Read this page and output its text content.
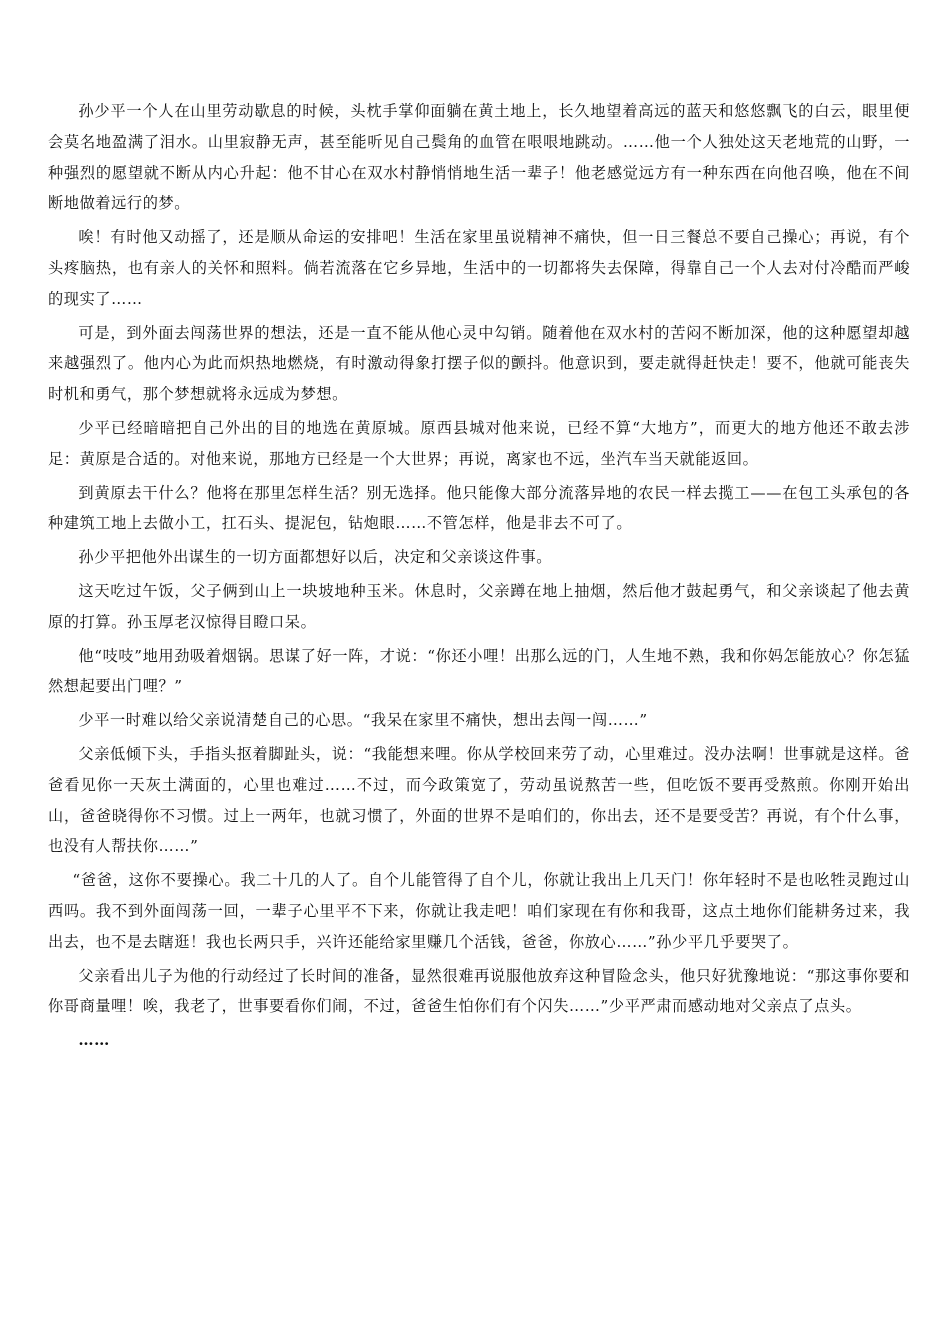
孙少平一个人在山里劳动歇息的时候，头枕手掌仰面躺在黄土地上，长久地望着高远的蓝天和悠悠飘飞的白云，眼里便会莫名地盈满了泪水。山里寂静无声，甚至能听见自己鬓角的血管在哏哏地跳动。……他一个人独处这天老地荒的山野，一种强烈的愿望就不断从内心升起：他不甘心在双水村静悄悄地生活一辈子！他老感觉远方有一种东西在向他召唤，他在不间断地做着远行的梦。

唉！有时他又动摇了，还是顺从命运的安排吧！生活在家里虽说精神不痛快，但一日三餐总不要自己操心；再说，有个头疼脑热，也有亲人的关怀和照料。倘若流落在它乡异地，生活中的一切都将失去保障，得靠自己一个人去对付冷酷而严峻的现实了……

可是，到外面去闯荡世界的想法，还是一直不能从他心灵中勾销。随着他在双水村的苦闷不断加深，他的这种愿望却越来越强烈了。他内心为此而炽热地燃烧，有时激动得象打摆子似的颤抖。他意识到，要走就得赶快走！要不，他就可能丧失时机和勇气，那个梦想就将永远成为梦想。

少平已经暗暗把自己外出的目的地选在黄原城。原西县城对他来说，已经不算“大地方”，而更大的地方他还不敢去涉足：黄原是合适的。对他来说，那地方已经是一个大世界；再说，离家也不远，坐汽车当天就能返回。

到黄原去干什么？他将在那里怎样生活？别无选择。他只能像大部分流落异地的农民一样去揽工——在包工头承包的各种建筑工地上去做小工，扛石头、提泥包，钻炮眼……不管怎样，他是非去不可了。

孙少平把他外出谋生的一切方面都想好以后，决定和父亲谈这件事。

这天吃过午饭，父子俩到山上一块坡地种玉米。休息时，父亲蹲在地上抽烟，然后他才鼓起勇气，和父亲谈起了他去黄原的打算。孙玉厚老汉惊得目瞪口呆。

他“吱吱”地用劲吸着烟锅。思谋了好一阵，才说：“你还小哩！出那么远的门，人生地不熟，我和你妈怎能放心？你怎猛然想起要出门哩？”

少平一时难以给父亲说清楚自己的心思。“我呆在家里不痛快，想出去闯一闯……”

父亲低倾下头，手指头抠着脚趾头，说：“我能想来哩。你从学校回来劳了动，心里难过。没办法啊！世事就是这样。爸爸看见你一天灰土满面的，心里也难过……不过，而今政策宽了，劳动虽说熬苦一些，但吃饭不要再受熬煎。你刚开始出山，爸爸晓得你不习惯。过上一两年，也就习惯了，外面的世界不是咱们的，你出去，还不是要受苦？再说，有个什么事，也没有人帮扶你……”

“爸爸，这你不要操心。我二十几的人了。自个儿能管得了自个儿，你就让我出上几天门！你年轻时不是也吆牲灵跑过山西吗。我不到外面闯荡一回，一辈子心里平不下来，你就让我走吧！咱们家现在有你和我哥，这点土地你们能耕务过来，我出去，也不是去瞎逛！我也长两只手，兴许还能给家里赚几个活钱，爸爸，你放心……”孙少平几乎要哭了。

父亲看出儿子为他的行动经过了长时间的准备，显然很难再说服他放弃这种冒险念头，他只好犹豫地说：“那这事你要和你哥商量哩！唉，我老了，世事要看你们闹，不过，爸爸生怕你们有个闪失……”少平严肃而感动地对父亲点了点头。

……
